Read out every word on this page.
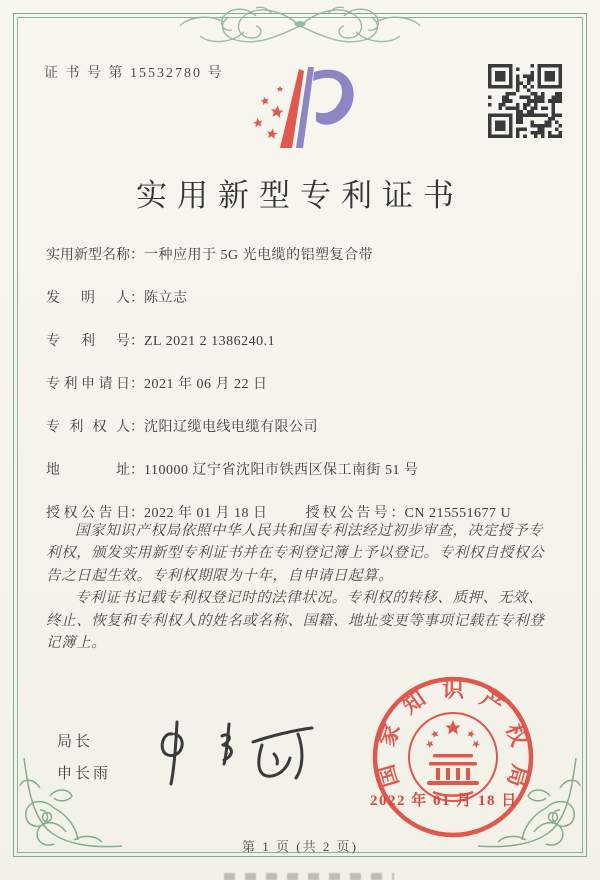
证 书 号 第 15532780 号
实用新型专利证书
实用新型名称：一种应用于 5G 光电缆的铝塑复合带
发明人：陈立志
专利号：ZL 2021 2 1386240.1
专利申请日：2021 年 06 月 22 日
专利权人：沈阳辽缆电线电缆有限公司
地址：110000 辽宁省沈阳市铁西区保工南街 51 号
授权公告日：2022 年 01 月 18 日	授权公告号：CN 215551677 U

国家知识产权局依照中华人民共和国专利法经过初步审查，决定授予专利权，颁发实用新型专利证书并在专利登记簿上予以登记。专利权自授权公告之日起生效。专利权期限为十年，自申请日起算。

专利证书记载专利权登记时的法律状况。专利权的转移、质押、无效、终止、恢复和专利权人的姓名或名称、国籍、地址变更等事项记载在专利登记簿上。

局长
申长雨	国家知识产权局
2022 年 01 月 18 日
第 1 页 (共 2 页)
